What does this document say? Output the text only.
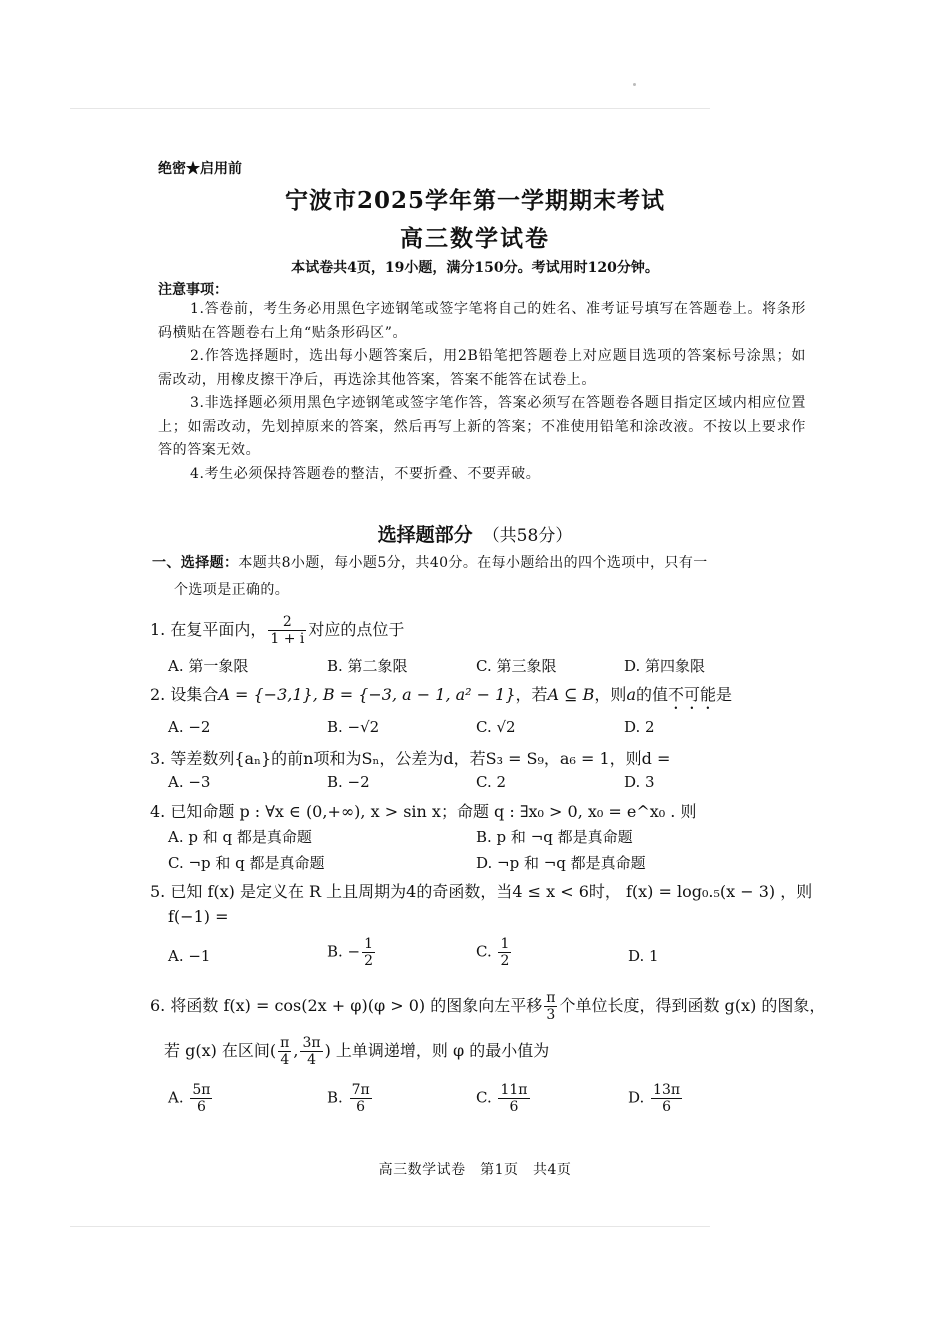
绝密★启用前
宁波市2025学年第一学期期末考试
高三数学试卷
本试卷共4页，19小题，满分150分。考试用时120分钟。
注意事项：
1.答卷前，考生务必用黑色字迹钢笔或签字笔将自己的姓名、准考证号填写在答题卷上。将条形码横贴在答题卷右上角“贴条形码区”。
2.作答选择题时，选出每小题答案后，用2B铅笔把答题卷上对应题目选项的答案标号涂黑；如需改动，用橡皮擦干净后，再选涂其他答案，答案不能答在试卷上。
3.非选择题必须用黑色字迹钢笔或签字笔作答，答案必须写在答题卷各题目指定区域内相应位置上；如需改动，先划掉原来的答案，然后再写上新的答案；不准使用铅笔和涂改液。不按以上要求作答的答案无效。
4.考生必须保持答题卷的整洁，不要折叠、不要弄破。
选择题部分 （共58分）
一、选择题：本题共8小题，每小题5分，共40分。在每小题给出的四个选项中，只有一
个选项是正确的。
1. 在复平面内， $\frac{2}{1 + i}$ 对应的点位于
A. 第一象限	B. 第二象限	C. 第三象限	D. 第四象限
2. 设集合A = {−3,1}, B = {−3, a − 1, a² − 1}，若A ⊆ B，则a的值不可能是
A. −2	B. −√2	C. √2	D. 2
3. 等差数列{aₙ}的前n项和为Sₙ，公差为d，若S₃ = S₉，a₆ = 1，则d =
A. −3	B. −2	C. 2	D. 3
4. 已知命题 p : ∀x ∈ (0,+∞), x > sin x；命题 q : ∃x₀ > 0, x₀ = e^x₀ . 则
A. p 和 q 都是真命题	B. p 和 ¬q 都是真命题
C. ¬p 和 q 都是真命题	D. ¬p 和 ¬q 都是真命题
5. 已知 f(x) 是定义在 R 上且周期为4的奇函数，当4 ≤ x < 6时， f(x) = log₀.₅(x − 3) ，则
f(−1) =
A. −1	B. − $\frac{1}{2}$	C. $\frac{1}{2}$	D. 1
6. 将函数 f(x) = cos(2x + φ)(φ > 0) 的图象向左平移 $\frac{\pi}{3}$ 个单位长度，得到函数 g(x) 的图象，
若 g(x) 在区间( $\frac{\pi}{4}$ , $\frac{3\pi}{4}$ ) 上单调递增，则 φ 的最小值为
A. $\frac{5\pi}{6}$	B. $\frac{7\pi}{6}$	C. $\frac{11\pi}{6}$	D. $\frac{13\pi}{6}$
高三数学试卷　第1页　共4页
